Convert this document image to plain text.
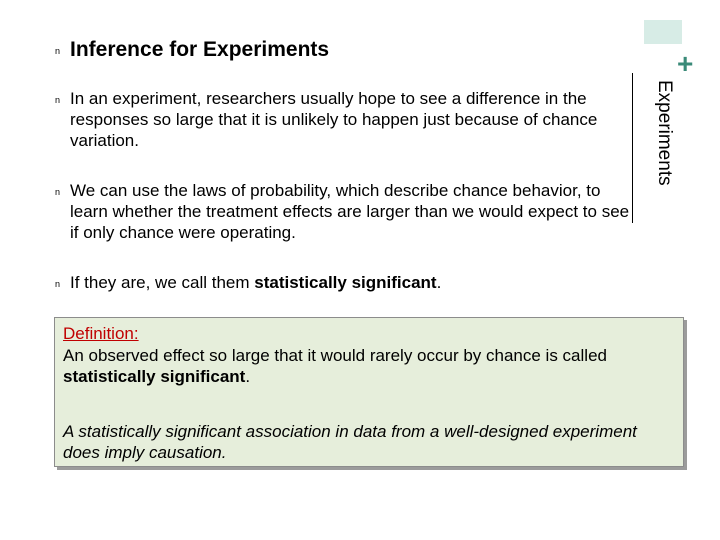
+
Experiments
n Inference for Experiments
n In an experiment, researchers usually hope to see a difference in the responses so large that it is unlikely to happen just because of chance variation.
n We can use the laws of probability, which describe chance behavior, to learn whether the treatment effects are larger than we would expect to see if only chance were operating.
n If they are, we call them statistically significant.
Definition:
An observed effect so large that it would rarely occur by chance is called statistically significant.
A statistically significant association in data from a well-designed experiment does imply causation.
